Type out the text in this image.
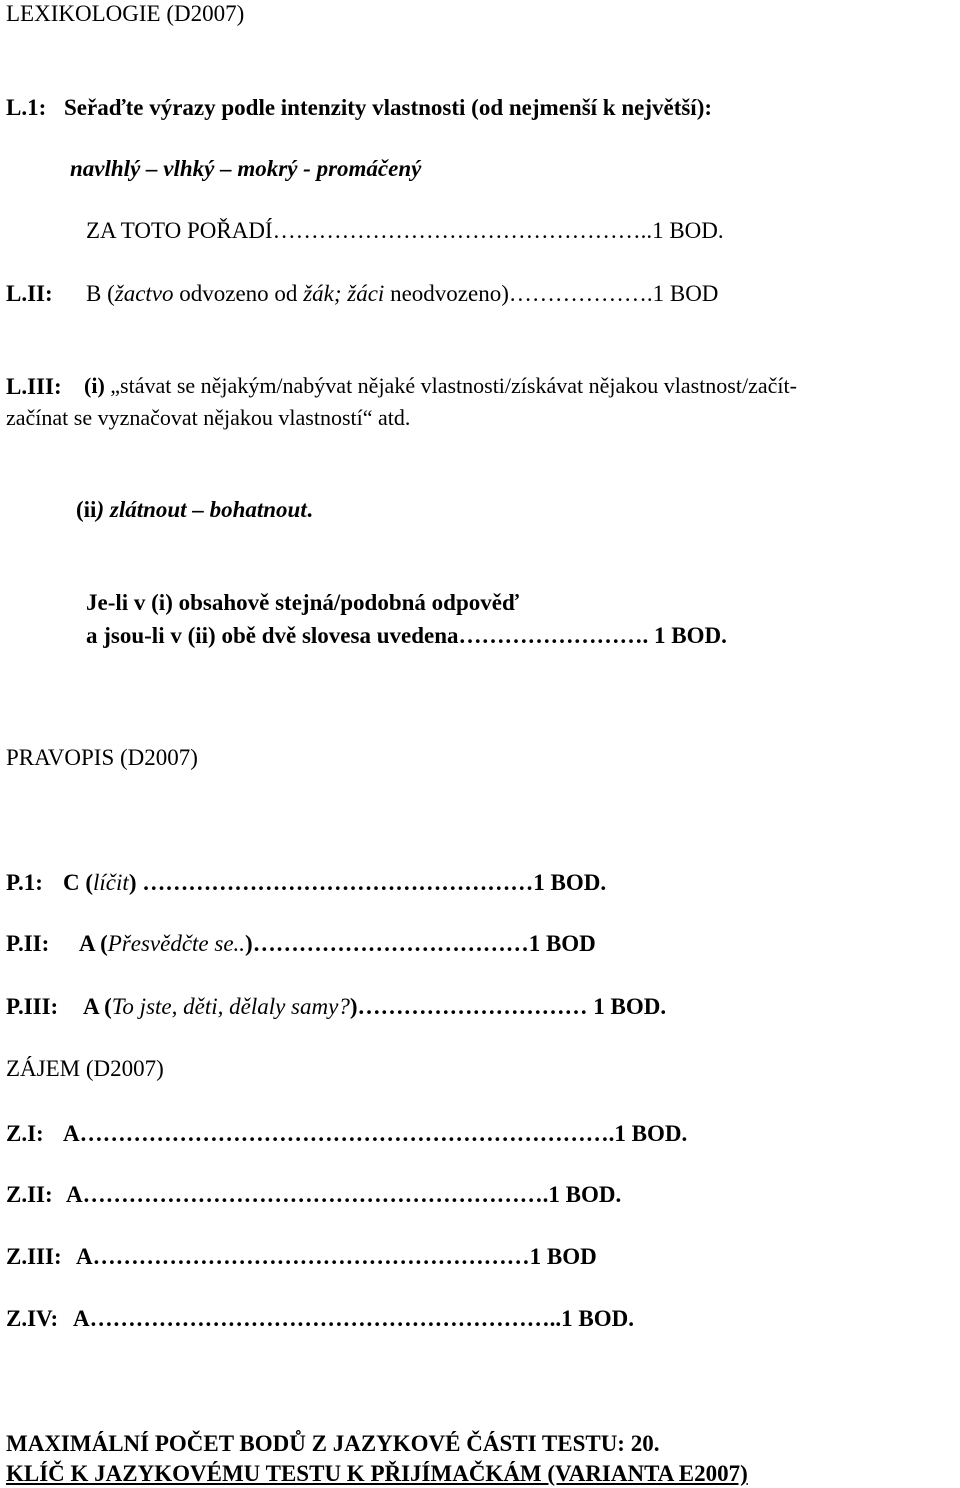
LEXIKOLOGIE (D2007)
L.1: Seřaďte výrazy podle intenzity vlastnosti (od nejmenší k největší):
navlhlý – vlhký – mokrý - promáčený
ZA TOTO POŘADÍ…………………………………………..1 BOD.
L.II: B (žactvo odvozeno od žák; žáci neodvozeno)……………….1 BOD
L.III: (i) „stávat se nějakým/nabývat nějaké vlastnosti/získávat nějakou vlastnost/začít-
začínat se vyznačovat nějakou vlastností“ atd.
(ii) zlátnout – bohatnout.
Je-li v (i) obsahově stejná/podobná odpověď
a jsou-li v (ii) obě dvě slovesa uvedena……………………. 1 BOD.
PRAVOPIS (D2007)
P.1: C (líčit) ……………………………………………1 BOD.
P.II: A (Přesvědčte se..)………………………………1 BOD
P.III: A (To jste, děti, dělaly samy?)………………………… 1 BOD.
ZÁJEM (D2007)
Z.I: A…………………………………………………………….1 BOD.
Z.II: A…………………………………………………….1 BOD.
Z.III: A…………………………………………………1 BOD
Z.IV: A……………………………………………………..1 BOD.
MAXIMÁLNÍ POČET BODŮ Z JAZYKOVÉ ČÁSTI TESTU: 20.
KLÍČ K JAZYKOVÉMU TESTU K PŘIJÍMAČKÁM (VARIANTA E2007)
